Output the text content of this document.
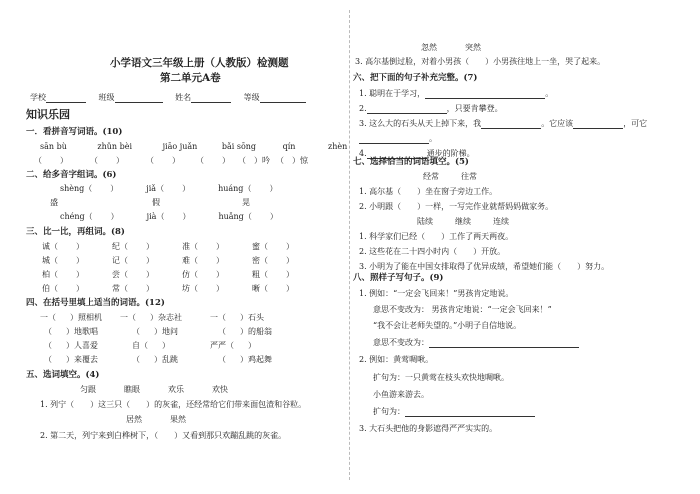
小学语文三年级上册（人教版）检测题
第二单元A卷
学校	班级	姓名	等级
知识乐园
一．看拼音写词语。(10)
sān bù	zhǔn bèi	jiāo juǎn	bǎi sōng	qín	zhèn
（ ）	（ ）	（ ） （ ） （ ）吟 （ ）惊
二、给多音字组词。(6)
shèng（ ）	jiǎ（ ）	huáng（ ）
盛	假	晃
chéng（ ）	jià（ ）	huǎng（ ）
三、比一比，再组词。(8)
诚（ ）	纪（ ）	准（ ）	蜜（ ）
城（ ）	记（ ）	难（ ）	密（ ）
柏（ ）	尝（ ）	仿（ ）	粗（ ）
伯（ ）	常（ ）	坊（ ）	晰（ ）
四、在括号里填上适当的词语。(12)
一（ ）照相机 一（ ）杂志社	一（ ）石头
（ ）地歌唱	（ ）地问	（ ）的船翁
（ ）人喜爱	自（ ）	严严（ ）
（ ）来覆去	（ ）乱跳	（ ）鸡起舞
五、选词填空。(4)
匀跟	瞧眼	欢乐	欢快
1. 列宁（　　）这三只（　　）的灰雀，还经常给它们带来面包渣和谷粒。
居然	果然
2. 第二天，列宁来到白桦树下，（　　）又看到那只欢蹦乱跳的灰雀。
忽然	突然
3. 高尔基倒过脸，对着小男孩（　　）小男孩往地上一坐，哭了起来。
六、把下面的句子补充完整。(7)
1. 聪明在于学习，	。
2.	，只要肯攀登。
3. 这么大的石头从天上掉下来，我	。它应该	，可它
。
4.	通步的阶梯。
七、选择恰当的词语填空。(5)
经常	往常
1. 高尔基（　　）坐在窗子旁边工作。
2. 小明跟（　　）一样，一写完作业就帮妈妈做家务。
陆续	继续	连续
1. 科学家们已经（　　）工作了两天两夜。
2. 这些花在二十四小时内（　　）开放。
3. 小明为了能在中国女排取得了优异成绩，希望她们能（　　）努力。
八、照样子写句子。(9)
1. 例如：“一定会飞回来！”男孩肯定地说。
意思不变改为： 男孩肯定地说：“一定会飞回来！”
“我不会让老师失望的。”小明子自信地说。
意思不变改为：
2. 例如：黄莺啁啾。
扩句为：一只黄莺在枝头欢快地啁啾。
小鱼游来游去。
扩句为：
3. 大石头把他的身影遮得严严实实的。
